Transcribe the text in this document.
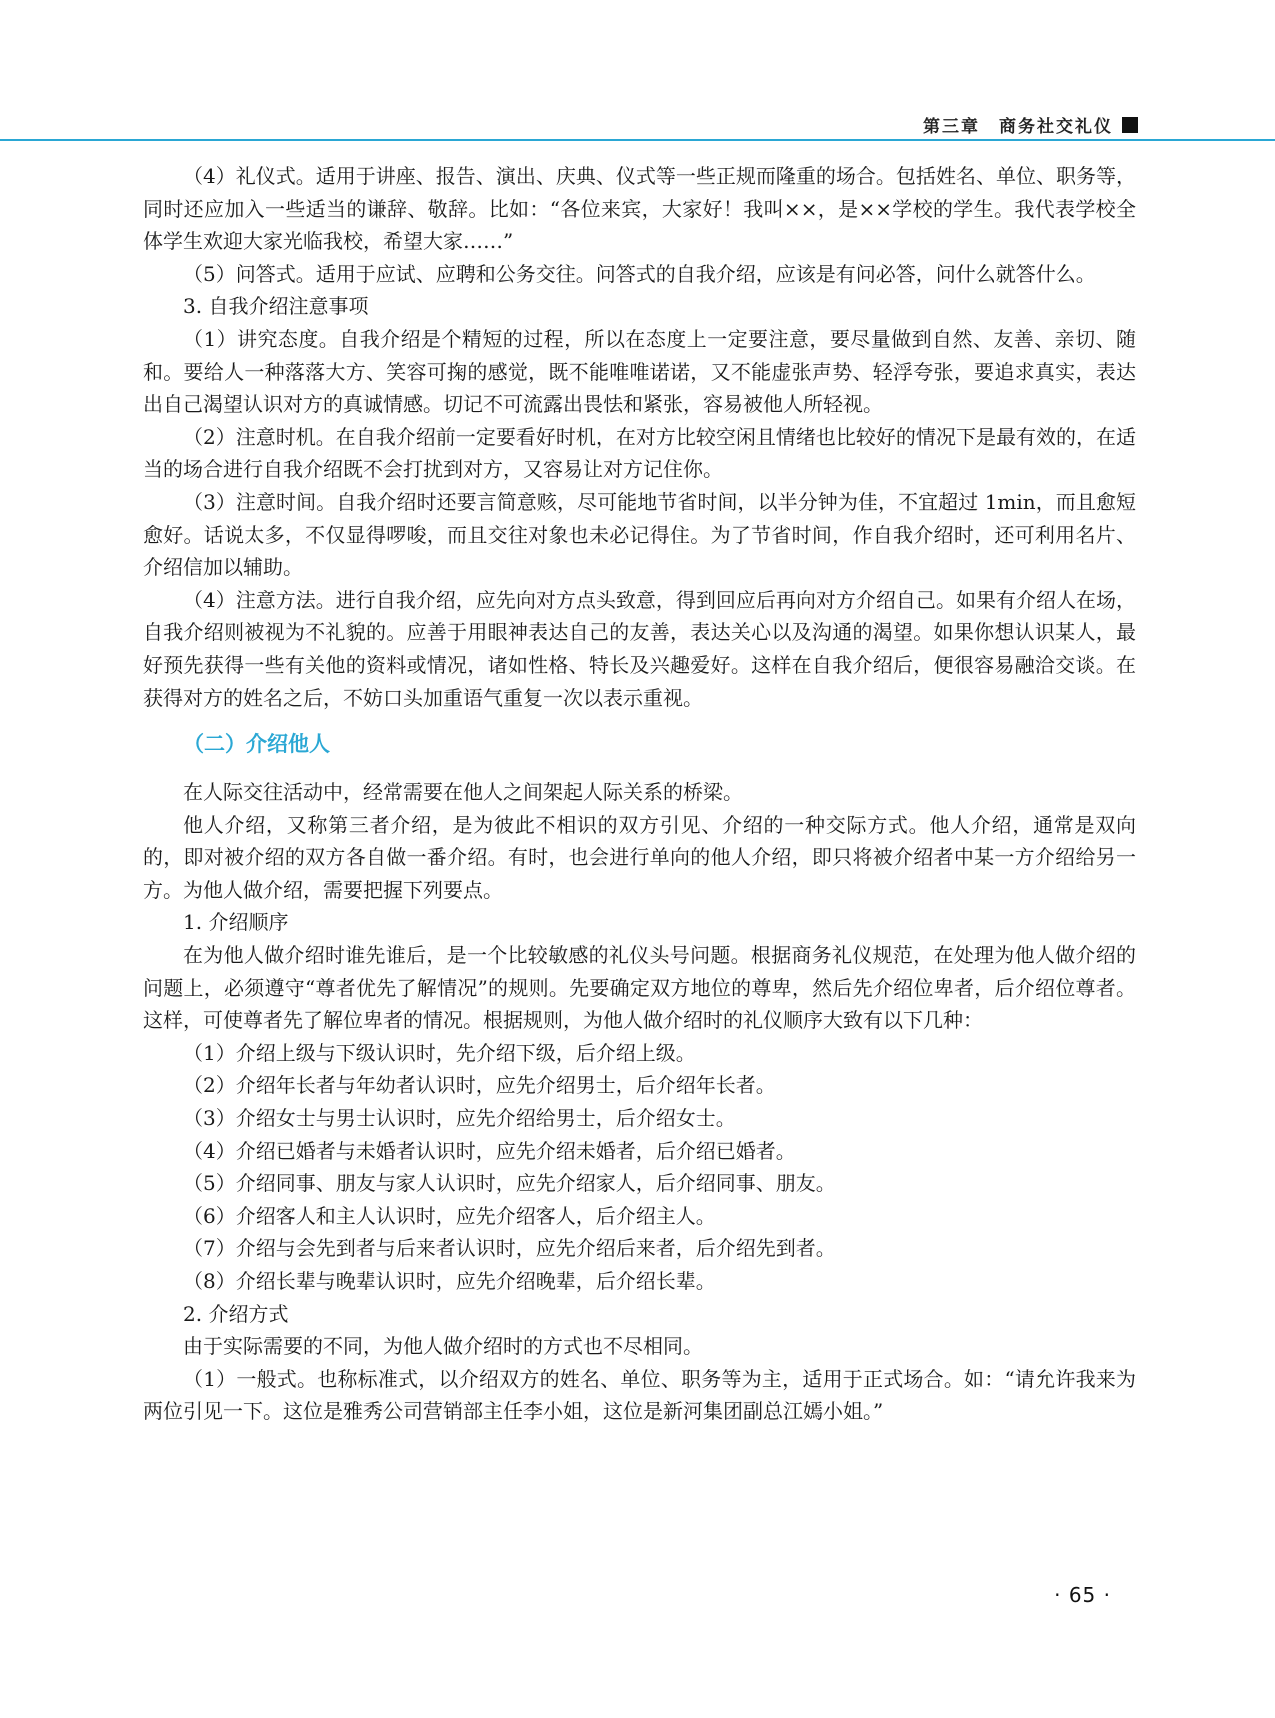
第三章　 商务社交礼仪

（4）礼仪式。适用于讲座、报告、演出、庆典、仪式等一些正规而隆重的场合。包括姓名、单位、职务等，同时还应加入一些适当的谦辞、敬辞。比如：“各位来宾，大家好！我叫××，是××学校的学生。我代表学校全体学生欢迎大家光临我校，希望大家……”

（5）问答式。适用于应试、应聘和公务交往。问答式的自我介绍，应该是有问必答，问什么就答什么。

3. 自我介绍注意事项

（1）讲究态度。自我介绍是个精短的过程，所以在态度上一定要注意，要尽量做到自然、友善、亲切、随和。要给人一种落落大方、笑容可掬的感觉，既不能唯唯诺诺，又不能虚张声势、轻浮夸张，要追求真实，表达出自己渴望认识对方的真诚情感。切记不可流露出畏怯和紧张，容易被他人所轻视。

（2）注意时机。在自我介绍前一定要看好时机，在对方比较空闲且情绪也比较好的情况下是最有效的，在适当的场合进行自我介绍既不会打扰到对方，又容易让对方记住你。

（3）注意时间。自我介绍时还要言简意赅，尽可能地节省时间，以半分钟为佳，不宜超过 1min，而且愈短愈好。话说太多，不仅显得啰唆，而且交往对象也未必记得住。为了节省时间，作自我介绍时，还可利用名片、介绍信加以辅助。

（4）注意方法。进行自我介绍，应先向对方点头致意，得到回应后再向对方介绍自己。如果有介绍人在场，自我介绍则被视为不礼貌的。应善于用眼神表达自己的友善，表达关心以及沟通的渴望。如果你想认识某人，最好预先获得一些有关他的资料或情况，诸如性格、特长及兴趣爱好。这样在自我介绍后，便很容易融洽交谈。在获得对方的姓名之后，不妨口头加重语气重复一次以表示重视。

（二）介绍他人

在人际交往活动中，经常需要在他人之间架起人际关系的桥梁。

他人介绍，又称第三者介绍，是为彼此不相识的双方引见、介绍的一种交际方式。他人介绍，通常是双向的，即对被介绍的双方各自做一番介绍。有时，也会进行单向的他人介绍，即只将被介绍者中某一方介绍给另一方。为他人做介绍，需要把握下列要点。

1. 介绍顺序

在为他人做介绍时谁先谁后，是一个比较敏感的礼仪头号问题。根据商务礼仪规范，在处理为他人做介绍的问题上，必须遵守“尊者优先了解情况”的规则。先要确定双方地位的尊卑，然后先介绍位卑者，后介绍位尊者。这样，可使尊者先了解位卑者的情况。根据规则，为他人做介绍时的礼仪顺序大致有以下几种：

（1）介绍上级与下级认识时，先介绍下级，后介绍上级。

（2）介绍年长者与年幼者认识时，应先介绍男士，后介绍年长者。

（3）介绍女士与男士认识时，应先介绍给男士，后介绍女士。

（4）介绍已婚者与未婚者认识时，应先介绍未婚者，后介绍已婚者。

（5）介绍同事、朋友与家人认识时，应先介绍家人，后介绍同事、朋友。

（6）介绍客人和主人认识时，应先介绍客人，后介绍主人。

（7）介绍与会先到者与后来者认识时，应先介绍后来者，后介绍先到者。

（8）介绍长辈与晚辈认识时，应先介绍晚辈，后介绍长辈。

2. 介绍方式

由于实际需要的不同，为他人做介绍时的方式也不尽相同。

（1）一般式。也称标准式，以介绍双方的姓名、单位、职务等为主，适用于正式场合。如：“请允许我来为两位引见一下。这位是雅秀公司营销部主任李小姐，这位是新河集团副总江嫣小姐。”

· 65 ·
